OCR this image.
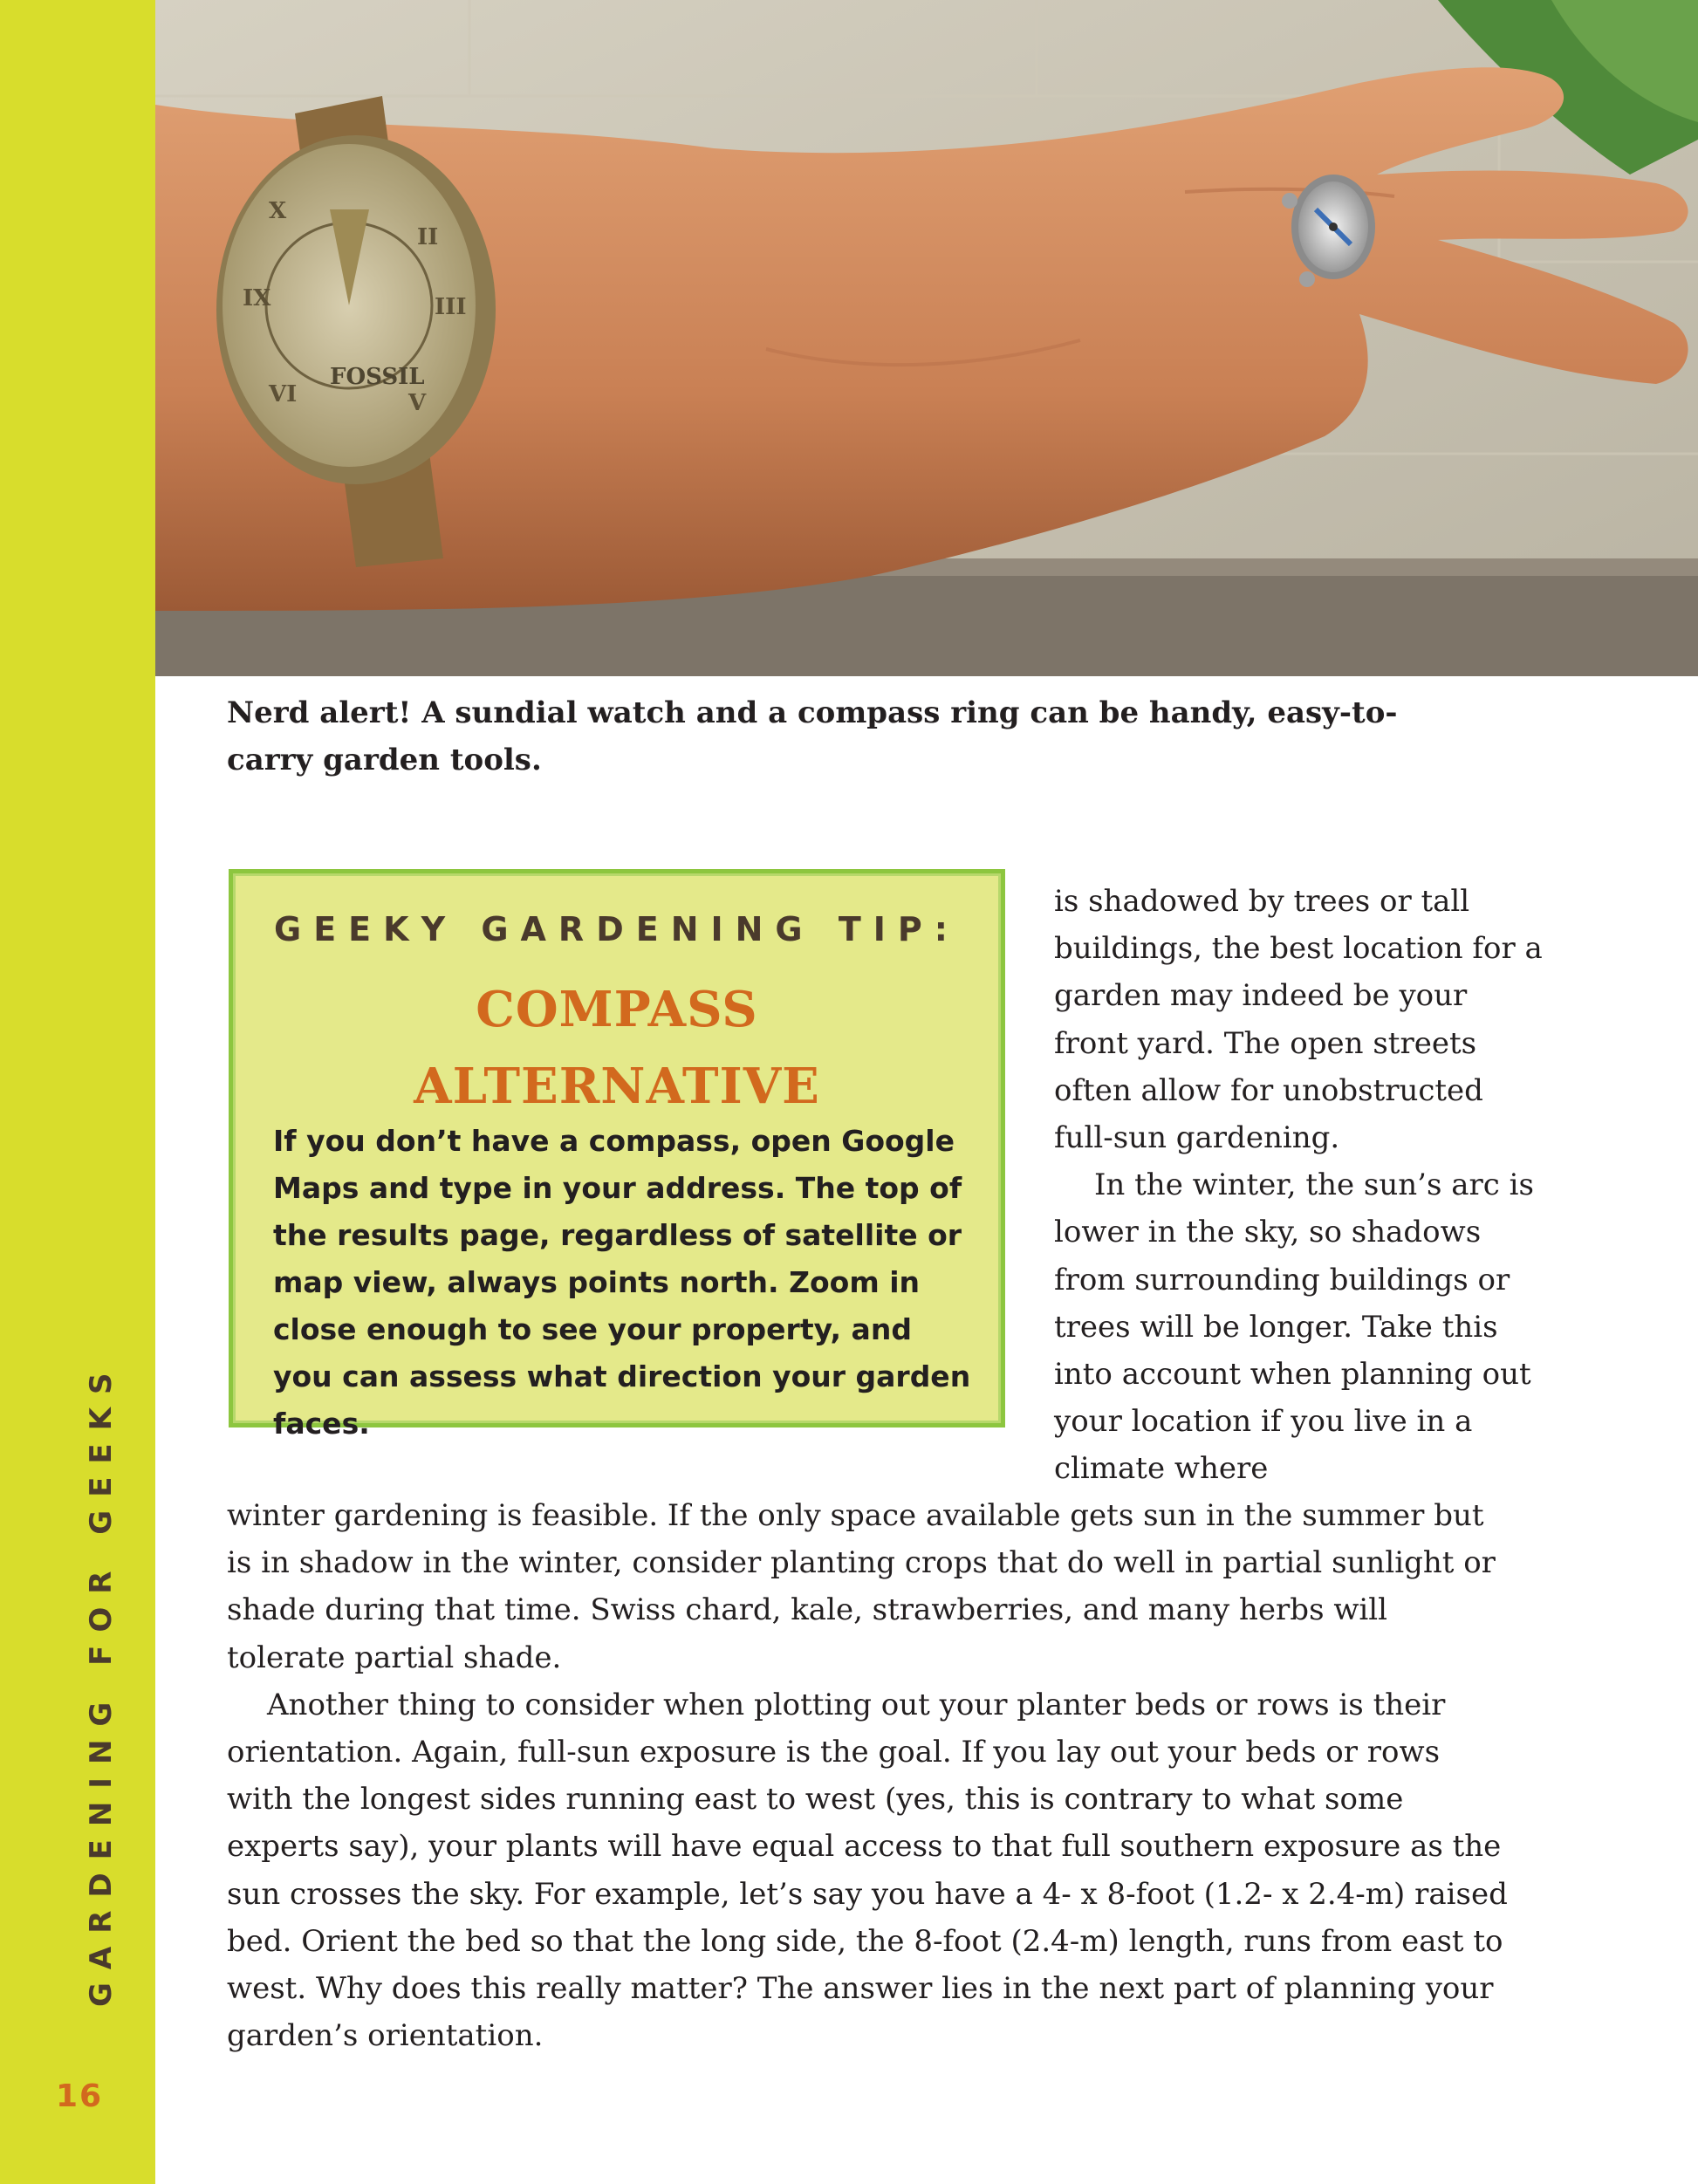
GARDENING FOR GEEKS
16
FOSSIL
X
II
IX	III
VI	V
Nerd alert! A sundial watch and a compass ring can be handy, easy-to-carry garden tools.
GEEKY GARDENING TIP:
COMPASS
ALTERNATIVE
If you don’t have a compass, open Google Maps and type in your address. The top of the results page, regardless of satellite or map view, always points north. Zoom in close enough to see your property, and you can assess what direction your garden faces.

is shadowed by trees or tall buildings, the best location for a garden may indeed be your front yard. The open streets often allow for unobstructed full-sun gardening.

In the winter, the sun’s arc is lower in the sky, so shadows from surrounding buildings or trees will be longer. Take this into account when planning out your location if you live in a climate where

winter gardening is feasible. If the only space available gets sun in the summer but is in shadow in the winter, consider planting crops that do well in partial sunlight or shade during that time. Swiss chard, kale, strawberries, and many herbs will tolerate partial shade.

Another thing to consider when plotting out your planter beds or rows is their orientation. Again, full-sun exposure is the goal. If you lay out your beds or rows with the longest sides running east to west (yes, this is contrary to what some experts say), your plants will have equal access to that full southern exposure as the sun crosses the sky. For example, let’s say you have a 4- x 8-foot (1.2- x 2.4-m) raised bed. Orient the bed so that the long side, the 8-foot (2.4-m) length, runs from east to west. Why does this really matter? The answer lies in the next part of planning your garden’s orientation.
